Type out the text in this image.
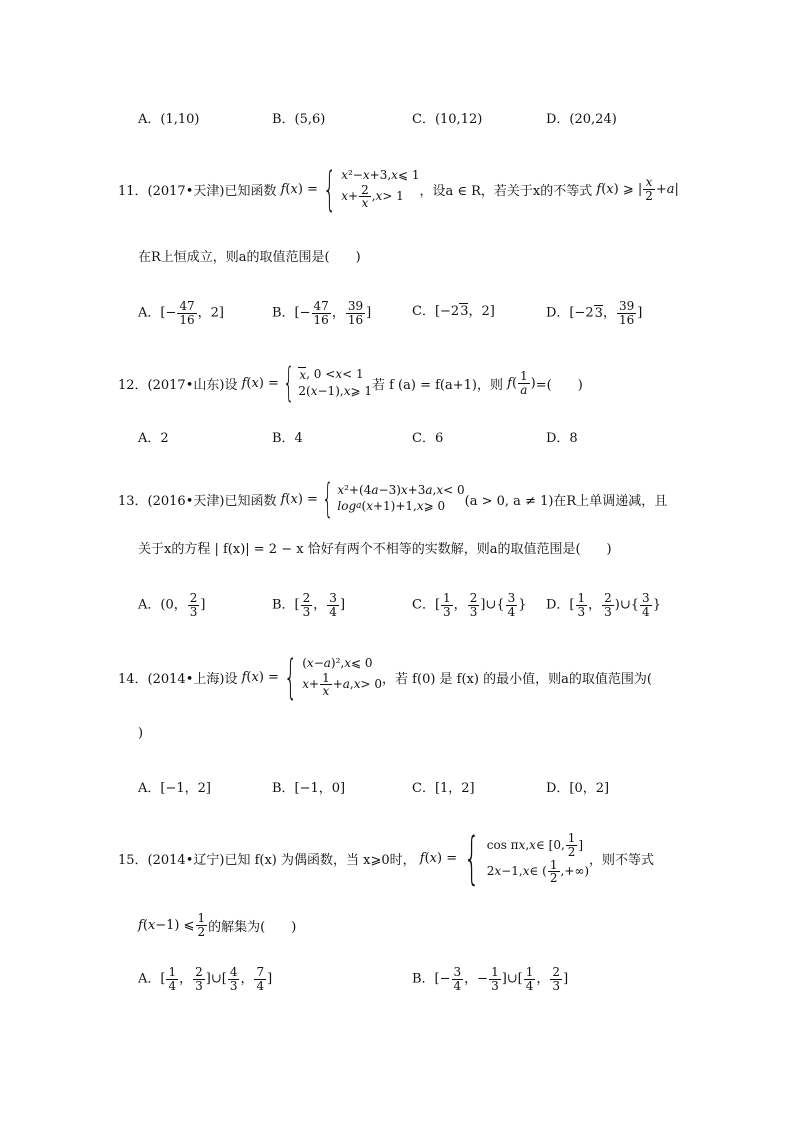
A．(1,10)	B．(5,6)	C．(10,12)	D．(20,24)
11．(2017•天津)已知函数
f ( x ) = { x ²− x +3, x ⩽ 1
$x + \frac{2}{x}$ , x > 1	，设a ∈ R，若关于x的不等式
f ( x ) ⩾ | $\frac{x}{2} + a$ |
在R上恒成立，则a的取值范围是(　　)
A．[− $\frac{47}{16}$ ，2]	B．[− $\frac{47}{16}$ ， $\frac{39}{16}$ ]	C．[−23，2]	D．[−23， $\frac{39}{16}$ ]
12．(2017•山东)设
f ( x ) = { x , 0 < x < 1
2( x −1), x ⩾ 1 若 f (a) = f(a+1)，则
f ( $\frac{1}{a}$ ) =(　　)
A．2	B．4	C．6	D．8
13．(2016•天津)已知函数
f ( x ) = { x ²+(4 a −3) x +3 a , x < 0
log a ( x +1)+1, x ⩾ 0	(a > 0, a ≠ 1)在R上单调递减，且
关于x的方程 | f(x)| = 2 − x 恰好有两个不相等的实数解，则a的取值范围是(　　)
A．(0， $\frac{2}{3}$ ]	B．[ $\frac{2}{3}$ ， $\frac{3}{4}$ ]	C．[ $\frac{1}{3}$ ， $\frac{2}{3}$ ]∪{ $\frac{3}{4}$ } D．[ $\frac{1}{3}$ ， $\frac{2}{3}$ )∪{ $\frac{3}{4}$ }
14．(2014•上海)设
f ( x ) = { ( x − a )², x ⩽ 0
$x + \frac{1}{x} + a$ , x > 0 ，若 f(0) 是 f(x) 的最小值，则a的取值范围为(
)
A．[−1，2]	B．[−1，0]	C．[1，2]	D．[0，2]
15．(2014•辽宁)已知 f(x) 为偶函数，当 x⩾0时，
f ( x ) = { cos π x , x ∈ [0, $\frac{1}{2}$ ]
2 x −1, x ∈ ( $\frac{1}{2}$ ,+∞)
，则不等式
f ( x −1) ⩽ $\frac{1}{2}$ 的解集为(　　)
A．[ $\frac{1}{4}$ ， $\frac{2}{3}$ ]∪[ $\frac{4}{3}$ ， $\frac{7}{4}$ ]	B．[− $\frac{3}{4}$ ，− $\frac{1}{3}$ ]∪[ $\frac{1}{4}$ ， $\frac{2}{3}$ ]
